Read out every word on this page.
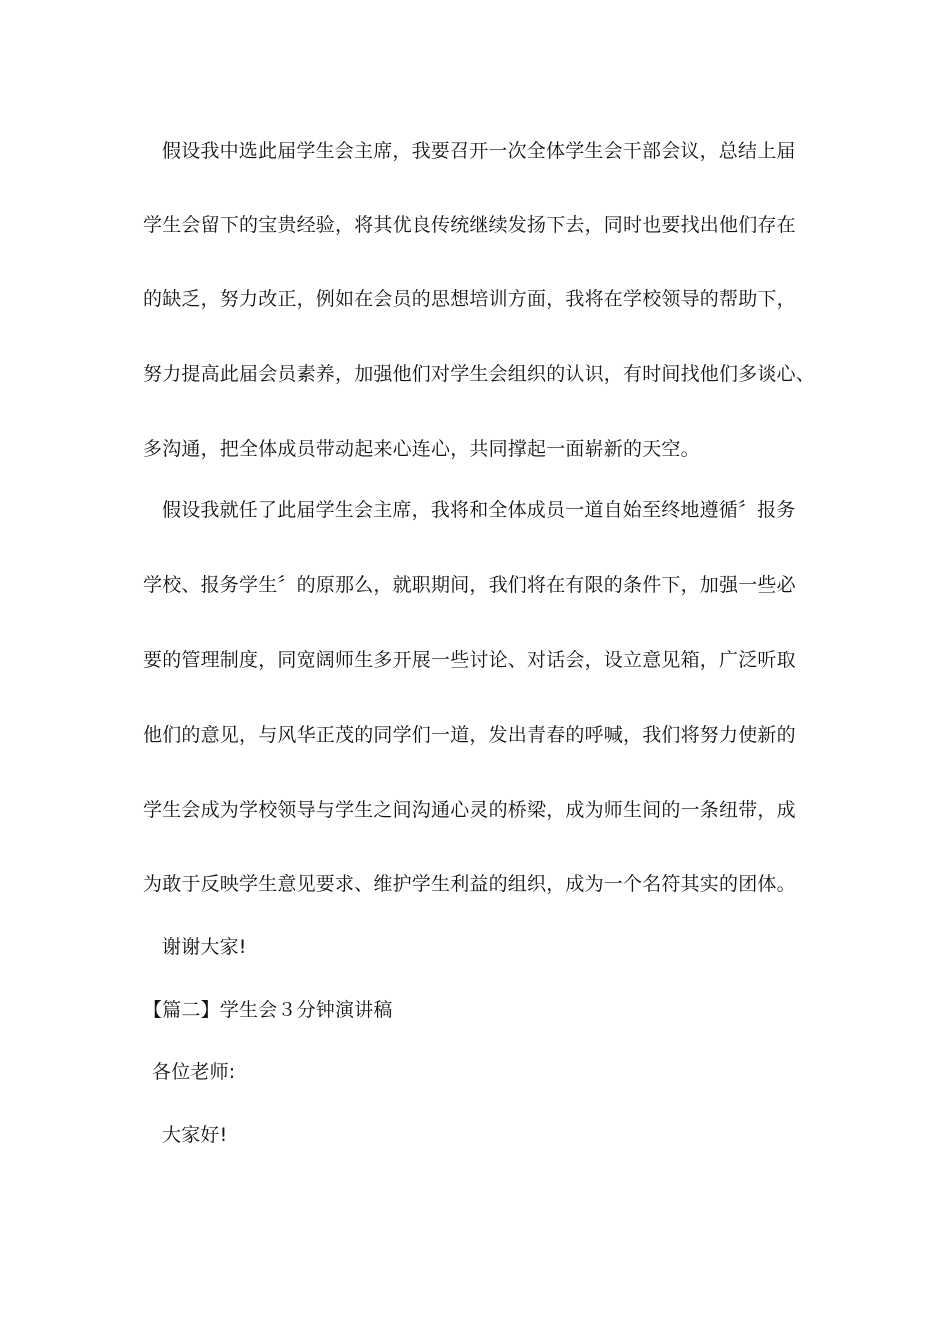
假设我中选此届学生会主席，我要召开一次全体学生会干部会议，总结上届
学生会留下的宝贵经验，将其优良传统继续发扬下去，同时也要找出他们存在
的缺乏，努力改正，例如在会员的思想培训方面，我将在学校领导的帮助下，
努力提高此届会员素养，加强他们对学生会组织的认识，有时间找他们多谈心、
多沟通，把全体成员带动起来心连心，共同撑起一面崭新的天空。
假设我就任了此届学生会主席，我将和全体成员一道自始至终地遵循〞报务
学校、报务学生〞的原那么，就职期间，我们将在有限的条件下，加强一些必
要的管理制度，同宽阔师生多开展一些讨论、对话会，设立意见箱，广泛听取
他们的意见，与风华正茂的同学们一道，发出青春的呼喊，我们将努力使新的
学生会成为学校领导与学生之间沟通心灵的桥梁，成为师生间的一条纽带，成
为敢于反映学生意见要求、维护学生利益的组织，成为一个名符其实的团体。
谢谢大家!
【篇二】学生会３分钟演讲稿
各位老师:
大家好!
